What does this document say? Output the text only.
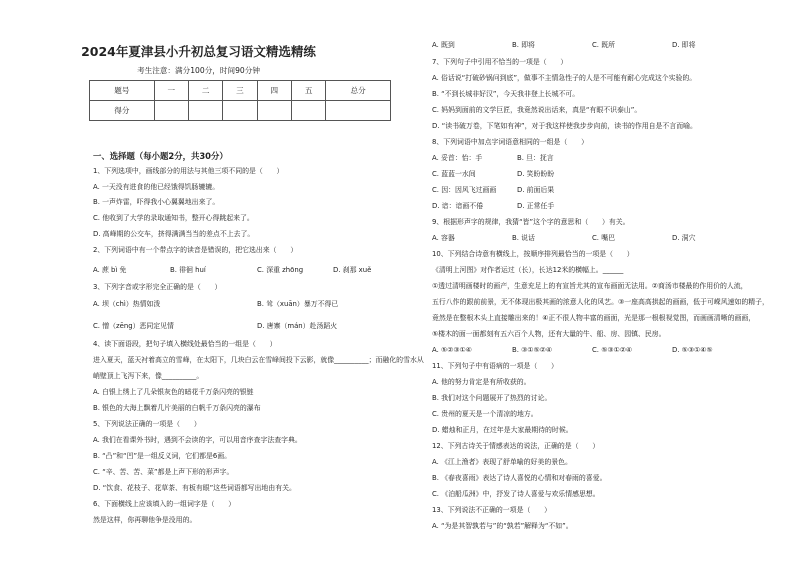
2024年夏津县小升初总复习语文精选精练
考生注意：满分100分，时间90分钟
题号	一	二	三	四	五	总分
得分						
一、选择题（每小题2分，共30分）
1、下列选项中，画线部分的用法与其他三项不同的是（　　）
A. 一天没有进食的他已经饿得饥肠辘辘。
B. 一声炸雷，吓得我小心翼翼地出来了。
C. 他收到了大学的录取通知书，整开心得跳起来了。
D. 高峰期的公交车，挤得满满当当的差点不上去了。
2、下列词语中有一个带点字的读音是错误的，把它选出来（　　）
A. 蔗 bì 免	B. 徘徊 huí	C. 深重 zhōng	D. 刹那 xuě
3、下列字音或字形完全正确的是（　　）
A. 坝（chì）热情如泼	B. 耸（xuān）暴万不得已
C. 憎（zēng）恶同定见情	D. 唐寨（mán）赴汤蹈火
4、读下面语段，把句子填入横线处最恰当的一组是（　　）
进入夏天，蓝天衬着高立的雪峰，在太阳下，几块白云在雪峰间投下云影，就像__________；而融化的雪水从
峭壁顶上飞泻下来，像__________。
A. 白银上绣上了几朵银灰色的暗花千万条闪亮的银链
B. 银色的大海上飘着几片美丽的白帆千万条闪亮的瀑布
5、下列说法正确的一项是（　　）
A. 我们在看课外书时，遇到不会读的字，可以用音序查字法查字典。
B. “凸”和“凹”是一组反义词，它们都是6画。
C. “辛、苦、苦、菜”都是上声下形的形声字。
D. “饮食、花枝子、花草茶、有板有眼”这些词语都写出地由有关。
6、下面横线上应该填入的一组词字是（　　）
然是这样，你再聊他争是没用的。
A. 既到	B. 即将	C. 既所	D. 即将
7、下列句子中引用不恰当的一项是（　　）
A. 俗话说“打破砂锅问到底”，做事不主情急性子的人是不可能有耐心完成这个实验的。
B. “不到长城非好汉”，今天我非登上长城不可。
C. 妈妈到面前的文学巨匠，我竟然说出话来，真是“有眼不识泰山”。
D. “读书破万卷，下笔如有神”，对于我这样使我步步向前，读书的作用自是不言而喻。
8、下列词语中加点字词语意相同的一组是（　　）
A. 妥首：怡：手	B. 旦：抚言
C. 蓝蓝一水间	D. 笑盼盼盼
C. 因：因风飞过画画	D. 前面后果
D. 谙：谙画不倦	D. 正常任手
9、根据形声字的规律，我猜“皆”这个字的意思和（　　）有关。
A. 容器	B. 说话	C. 嘴巴	D. 洞穴
10、下列结合诗意有横线上，按顺序排列最恰当的一项是（　　）
《清明上河图》对作者运过（长），长达12米的横幅上。______
①透过清明画楼时的画产，生意充足上的有宣旨尤其的宣布画面无法用。②商汤市楼最的作用价的人流，
五行八作的跟前前景，无不体现出极其画的浓意人化的风艺。③一座高高拱起的画画，低于可嵘风速如的精子，
竟然是在整根木头上直接雕出来的！④正不很人物丰富的画面，光是那一根根视觉图，而画画清晰的画画，
⑤楼木的面一面都刻有五六百个人物，还有大量的牛、船、房、园镇、民房。
A. ⑤②③①④	B. ③①⑤②④	C. ⑤③①②④	D. ⑤③①④⑤
11、下列句子中有语病的一项是（　　）
A. 他的努力肯定是有所收获的。
B. 我们对这个问题展开了热烈的讨论。
C. 贵州的夏天是一个清凉的地方。
D. 蜡烛和正月，在过年是大家最期待的时候。
12、下列古诗关于情感表达的说法，正确的是（　　）
A. 《江上渔者》表现了舒单喻的好美的景色。
B. 《春夜喜雨》表达了诗人喜悦的心情和对春雨的喜爱。
C. 《泊船瓜洲》中，抒发了诗人喜爱与欢乐情感思想。
13、下列说法不正确的一项是（　　）
A. “为是其智孰若与”的“孰若”解释为“不如”。
